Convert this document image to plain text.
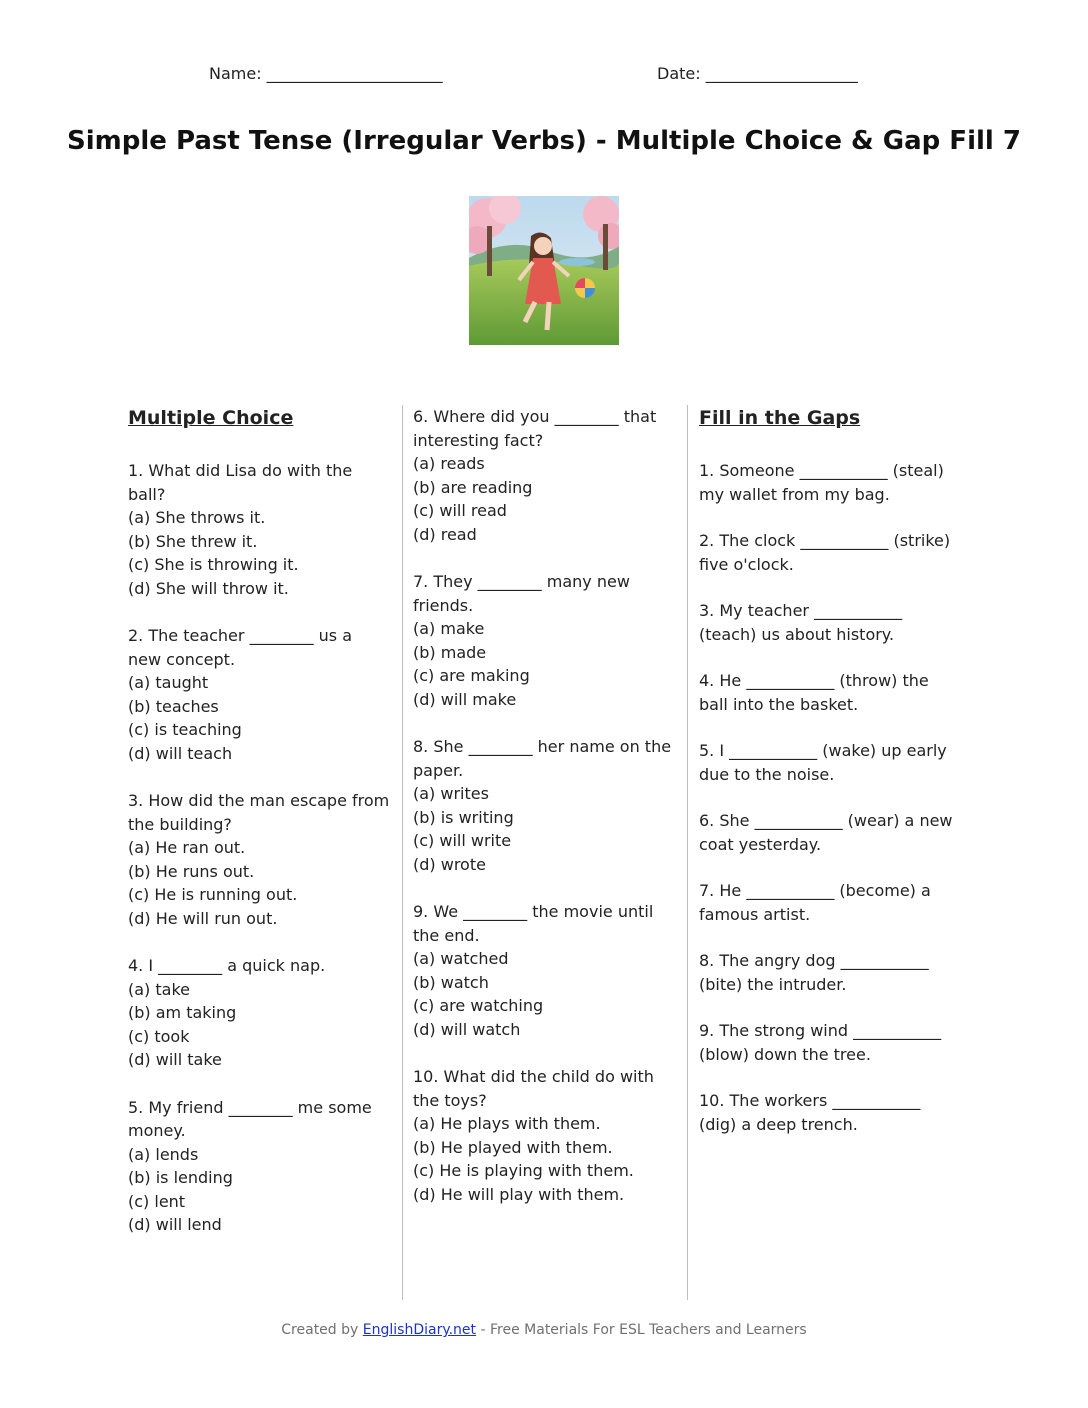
Name: ______________________	Date: ___________________
Simple Past Tense (Irregular Verbs) - Multiple Choice & Gap Fill 7
Multiple Choice

1. What did Lisa do with the ball?

(a) She throws it.
(b) She threw it.
(c) She is throwing it.
(d) She will throw it.

2. The teacher ________ us a new concept.

(a) taught
(b) teaches
(c) is teaching
(d) will teach

3. How did the man escape from the building?

(a) He ran out.
(b) He runs out.
(c) He is running out.
(d) He will run out.

4. I ________ a quick nap.

(a) take
(b) am taking
(c) took
(d) will take

5. My friend ________ me some money.

(a) lends
(b) is lending
(c) lent
(d) will lend

6. Where did you ________ that interesting fact?

(a) reads
(b) are reading
(c) will read
(d) read

7. They ________ many new friends.

(a) make
(b) made
(c) are making
(d) will make

8. She ________ her name on the paper.

(a) writes
(b) is writing
(c) will write
(d) wrote

9. We ________ the movie until the end.

(a) watched
(b) watch
(c) are watching
(d) will watch

10. What did the child do with the toys?

(a) He plays with them.
(b) He played with them.
(c) He is playing with them.
(d) He will play with them.
Fill in the Gaps

1. Someone ___________ (steal) my wallet from my bag.

2. The clock ___________ (strike) five o'clock.

3. My teacher ___________ (teach) us about history.

4. He ___________ (throw) the ball into the basket.

5. I ___________ (wake) up early due to the noise.

6. She ___________ (wear) a new coat yesterday.

7. He ___________ (become) a famous artist.

8. The angry dog ___________ (bite) the intruder.

9. The strong wind ___________ (blow) down the tree.

10. The workers ___________ (dig) a deep trench.

Created by EnglishDiary.net - Free Materials For ESL Teachers and Learners
